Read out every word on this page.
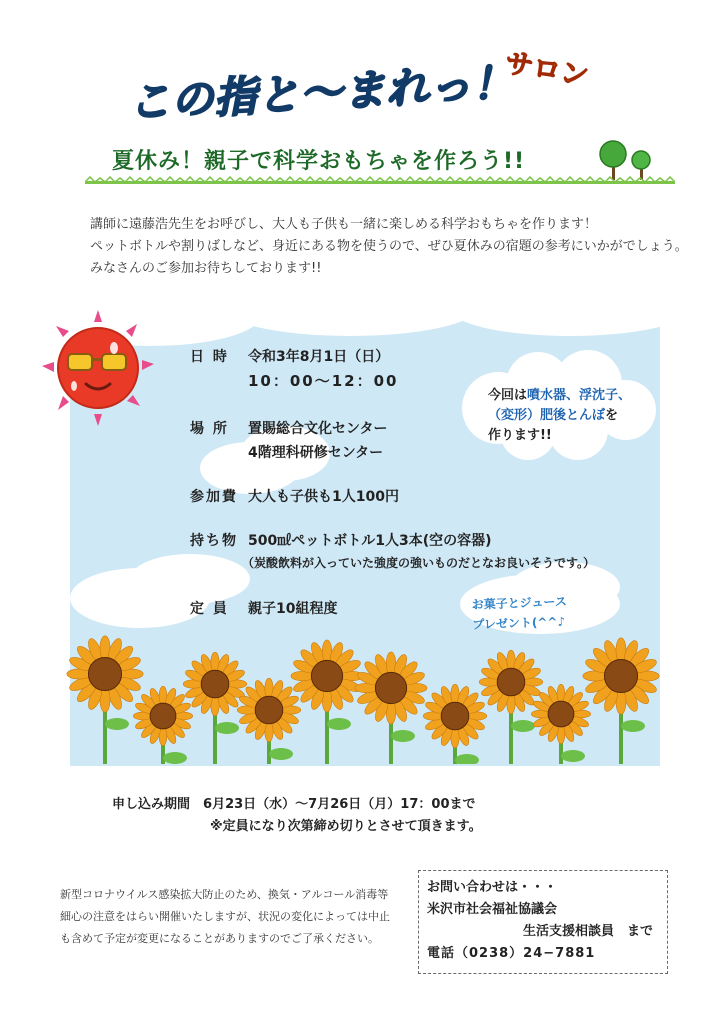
この指と〜まれっ！
サロン
夏休み！親子で科学おもちゃを作ろう!!

講師に遠藤浩先生をお呼びし、大人も子供も一緒に楽しめる科学おもちゃを作ります！

ペットボトルや割りばしなど、身近にある物を使うので、ぜひ夏休みの宿題の参考にいかがでしょう。

みなさんのご参加お待ちしております!!

今回は噴水器、浮沈子、
（変形）肥後とんぼを
作ります!!
日 時 令和3年8月1日（日）
10：00〜12：00
場 所 置賜総合文化センター
4階理科研修センター
参加費 大人も子供も1人100円
持ち物 500㎖ペットボトル1人3本(空の容器)
（炭酸飲料が入っていた強度の強いものだとなお良いそうです。）
定 員 親子10組程度	お菓子とジュース
プレゼント(^^♪
申し込み期間　 6月23日（水）〜7月26日（月）17：00まで
※定員になり次第締め切りとさせて頂きます。

新型コロナウイルス感染拡大防止のため、換気・アルコール消毒等

細心の注意をはらい開催いたしますが、状況の変化によっては中止

も含めて予定が変更になることがありますのでご了承ください。

お問い合わせは・・・
米沢市社会福祉協議会
生活支援相談員　まで
電話（0238）24−7881
